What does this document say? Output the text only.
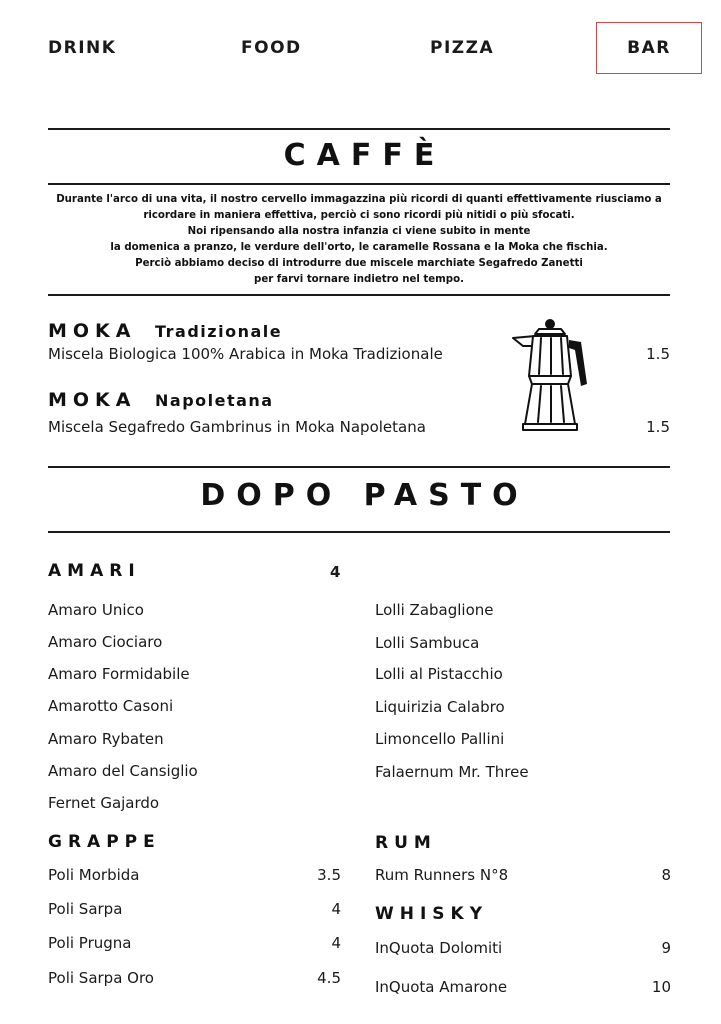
DRINK	FOOD	PIZZA	BAR
CAFFÈ
Durante l'arco di una vita, il nostro cervello immagazzina più ricordi di quanti effettivamente riusciamo a
ricordare in maniera effettiva, perciò ci sono ricordi più nitidi o più sfocati.
Noi ripensando alla nostra infanzia ci viene subito in mente
la domenica a pranzo, le verdure dell'orto, le caramelle Rossana e la Moka che fischia.
Perciò abbiamo deciso di introdurre due miscele marchiate Segafredo Zanetti
per farvi tornare indietro nel tempo.
MOKA Tradizionale
Miscela Biologica 100% Arabica in Moka Tradizionale	1.5
MOKA Napoletana
Miscela Segafredo Gambrinus in Moka Napoletana	1.5
DOPO PASTO
AMARI	4
Amaro Unico
Amaro Ciociaro
Amaro Formidabile
Amarotto Casoni
Amaro Rybaten
Amaro del Cansiglio
Fernet Gajardo
Lolli Zabaglione
Lolli Sambuca
Lolli al Pistacchio
Liquirizia Calabro
Limoncello Pallini
Falaernum Mr. Three
GRAPPE
Poli Morbida	3.5
Poli Sarpa	4
Poli Prugna	4
Poli Sarpa Oro	4.5
RUM
Rum Runners N°8	8
WHISKY
InQuota Dolomiti	9
InQuota Amarone	10
